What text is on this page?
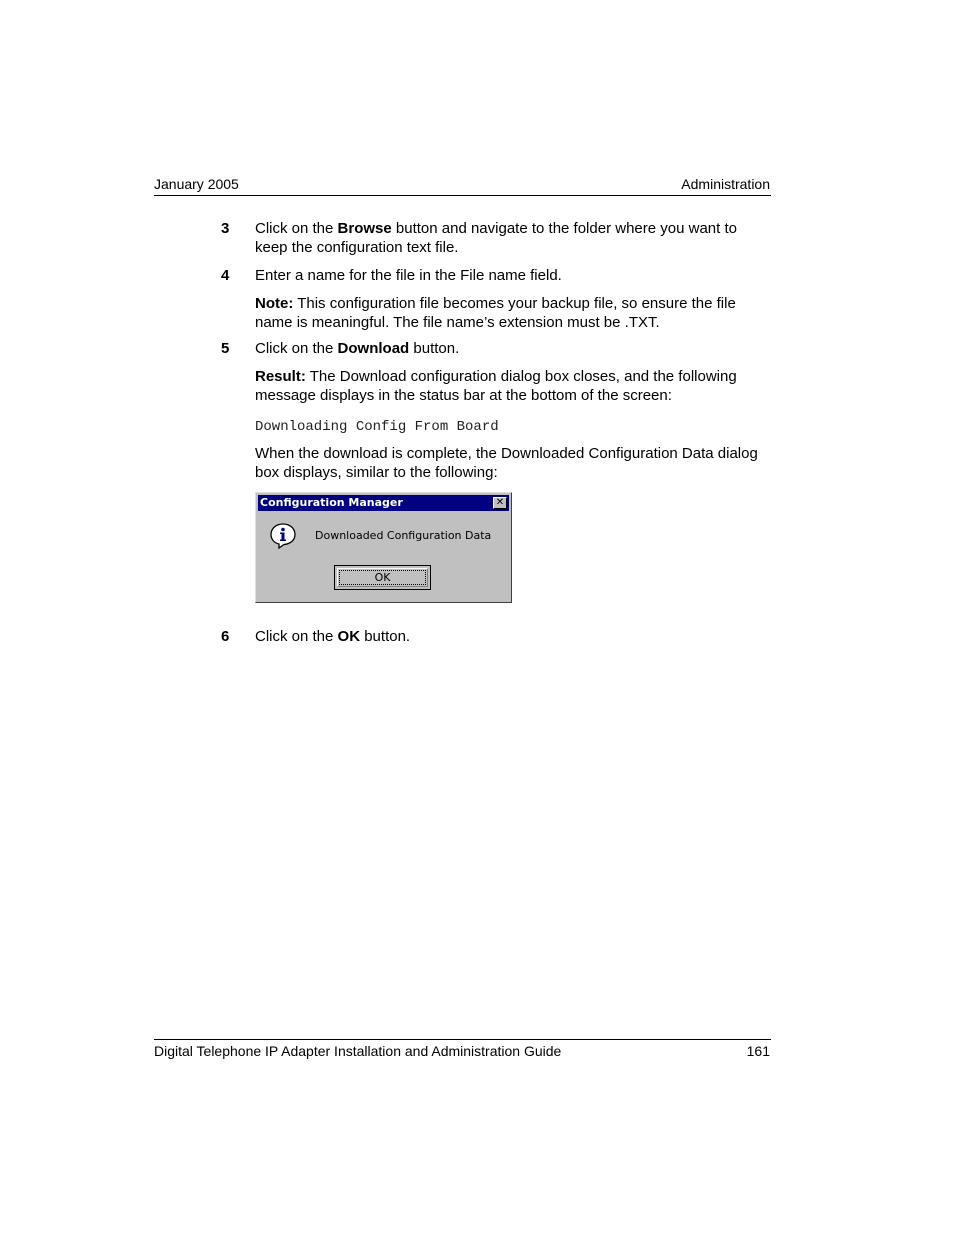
January 2005	Administration
3	Click on the Browse button and navigate to the folder where you want to keep the configuration text file.
4	Enter a name for the file in the File name field.
Note: This configuration file becomes your backup file, so ensure the file name is meaningful. The file name’s extension must be .TXT.
5	Click on the Download button.
Result: The Download configuration dialog box closes, and the following message displays in the status bar at the bottom of the screen:
Downloading Config From Board
When the download is complete, the Downloaded Configuration Data dialog box displays, similar to the following:
Configuration Manager	✕
Downloaded Configuration Data
OK
6	Click on the OK button.
Digital Telephone IP Adapter Installation and Administration Guide	161
